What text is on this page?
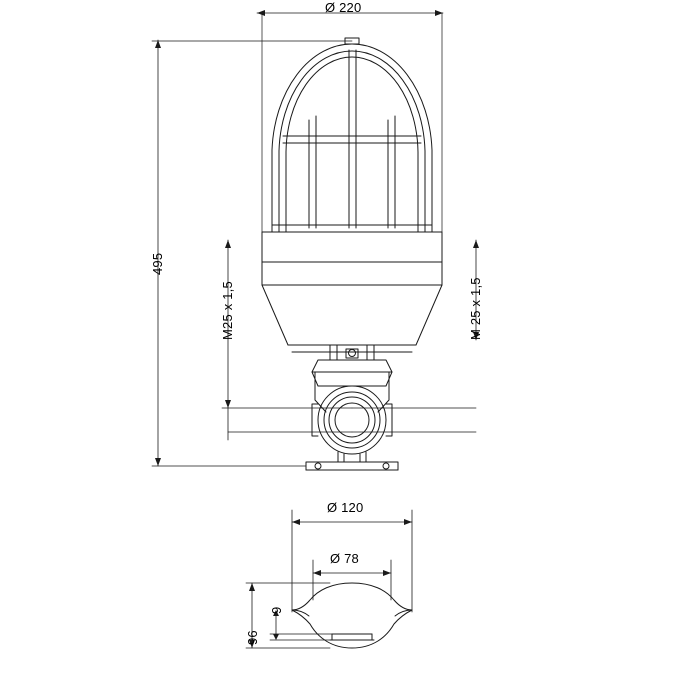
Ø 220
495
M25 x 1,5	M 25 x 1,5
Ø 120
Ø 78
96
9
